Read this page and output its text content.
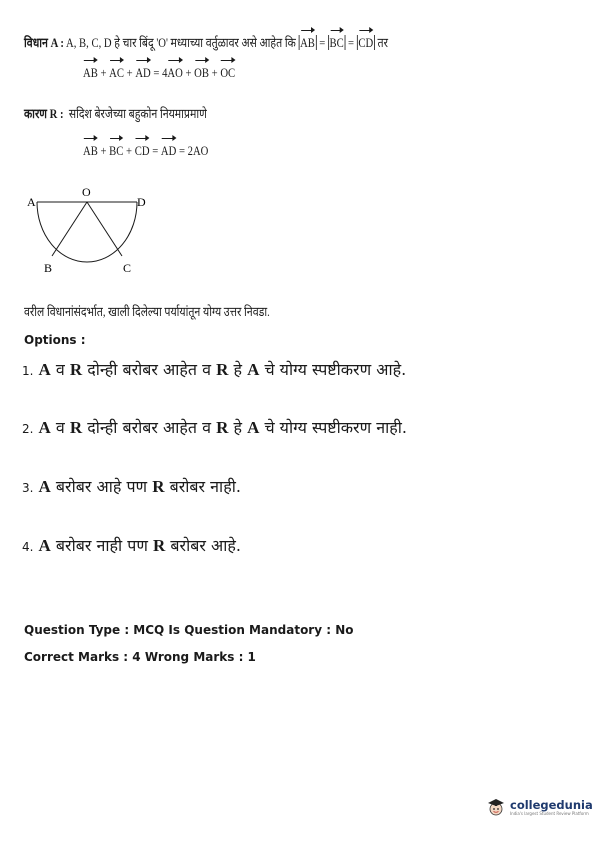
विधान A : A, B, C, D हे चार बिंदू 'O' मध्याच्या वर्तुळावर असे आहेत कि AB = BC = CD तर
AB + AC + AD = 4AO + OB + OC
कारण R : सदिश बेरजेच्या बहुकोन नियमाप्रमाणे
AB + BC + CD = AD = 2AO
A
O
D
B	C
वरील विधानांसंदर्भात, खाली दिलेल्या पर्यायांतून योग्य उत्तर निवडा.
Options :
1. A व R दोन्ही बरोबर आहेत व R हे A चे योग्य स्पष्टीकरण आहे.
2. A व R दोन्ही बरोबर आहेत व R हे A चे योग्य स्पष्टीकरण नाही.
3. A बरोबर आहे पण R बरोबर नाही.
4. A बरोबर नाही पण R बरोबर आहे.
Question Type : MCQ Is Question Mandatory : No
Correct Marks : 4 Wrong Marks : 1
collegedunia
India's largest Student Review Platform
